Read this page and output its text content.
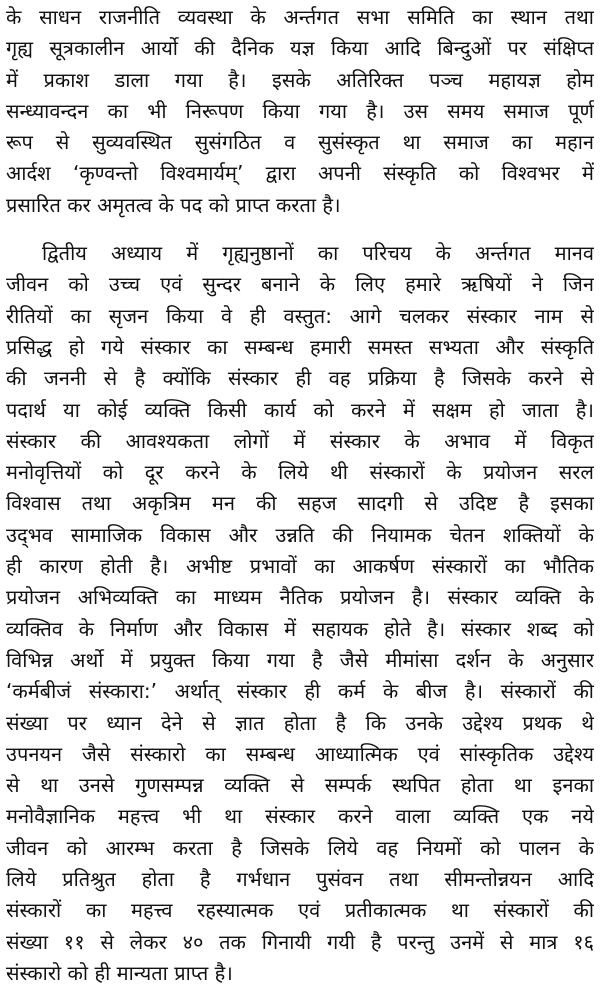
के साधन राजनीति व्यवस्था के अर्न्तगत सभा समिति का स्थान तथा
गृह्य सूत्रकालीन आर्यो की दैनिक यज्ञ किया आदि बिन्दुओं पर संक्षिप्त
में प्रकाश डाला गया है। इसके अतिरिक्त पञ्च महायज्ञ होम
सन्ध्यावन्दन का भी निरूपण किया गया है। उस समय समाज पूर्ण
रूप से सुव्यवस्थित सुसंगठित व सुसंस्कृत था समाज का महान
आर्दश ‘कृण्वन्तो विश्वमार्यम्’ द्वारा अपनी संस्कृति को विश्वभर में
प्रसारित कर अमृतत्व के पद को प्राप्त करता है।
द्वितीय अध्याय में गृह्यनुष्ठानों का परिचय के अर्न्तगत मानव
जीवन को उच्च एवं सुन्दर बनाने के लिए हमारे ऋषियों ने जिन
रीतियों का सृजन किया वे ही वस्तुत: आगे चलकर संस्कार नाम से
प्रसिद्ध हो गये संस्कार का सम्बन्ध हमारी समस्त सभ्यता और संस्कृति
की जननी से है क्योंकि संस्कार ही वह प्रक्रिया है जिसके करने से
पदार्थ या कोई व्यक्ति किसी कार्य को करने में सक्षम हो जाता है।
संस्कार की आवश्यकता लोगों में संस्कार के अभाव में विकृत
मनोवृत्तियों को दूर करने के लिये थी संस्कारों के प्रयोजन सरल
विश्वास तथा अकृत्रिम मन की सहज सादगी से उदिष्ट है इसका
उद्‌भव सामाजिक विकास और उन्नति की नियामक चेतन शक्तियों के
ही कारण होती है। अभीष्ट प्रभावों का आकर्षण संस्कारों का भौतिक
प्रयोजन अभिव्यक्ति का माध्यम नैतिक प्रयोजन है। संस्कार व्यक्ति के
व्यक्तिव के निर्माण और विकास में सहायक होते है। संस्कार शब्द को
विभिन्न अर्थो में प्रयुक्त किया गया है जैसे मीमांसा दर्शन के अनुसार
‘कर्मबीजं संस्कारा:’ अर्थात् संस्कार ही कर्म के बीज है। संस्कारों की
संख्या पर ध्यान देने से ज्ञात होता है कि उनके उद्देश्य प्रथक थे
उपनयन जैसे संस्कारो का सम्बन्ध आध्यात्मिक एवं सांस्कृतिक उद्देश्य
से था उनसे गुणसम्पन्न व्यक्ति से सम्पर्क स्थपित होता था इनका
मनोवैज्ञानिक महत्त्व भी था संस्कार करने वाला व्यक्ति एक नये
जीवन को आरम्भ करता है जिसके लिये वह नियमों को पालन के
लिये प्रतिश्रुत होता है गर्भधान पुसंवन तथा सीमन्तोन्नयन आदि
संस्कारों का महत्त्व रहस्यात्मक एवं प्रतीकात्मक था संस्कारों की
संख्या ११ से लेकर ४० तक गिनायी गयी है परन्तु उनमें से मात्र १६
संस्कारो को ही मान्यता प्राप्त है।
